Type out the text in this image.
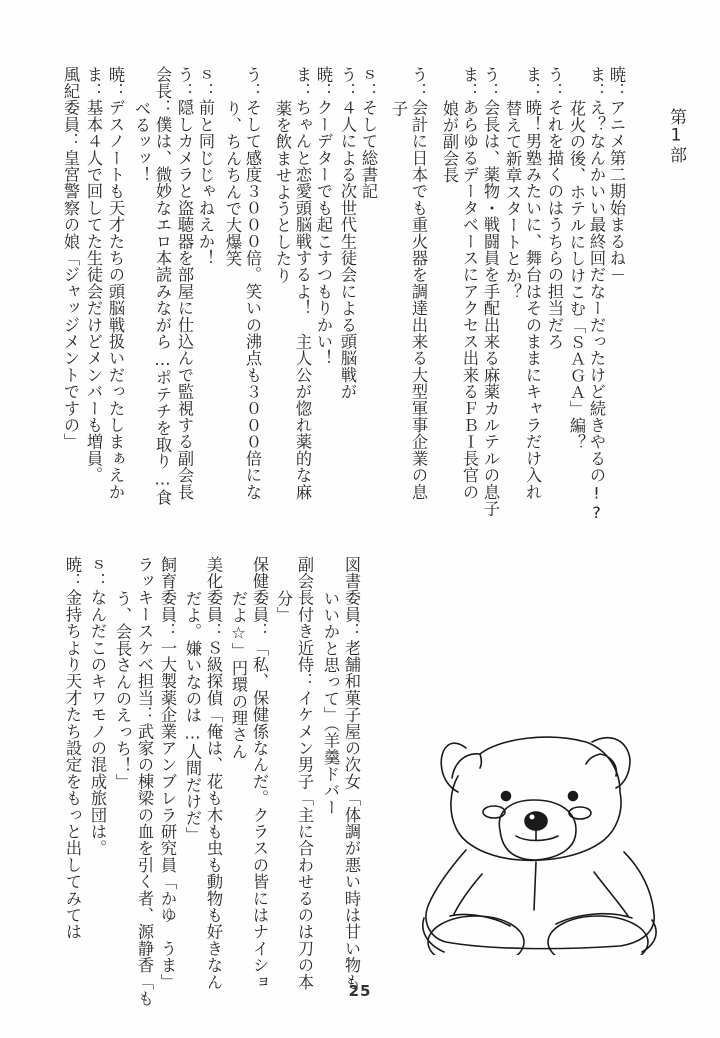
第1部
暁：アニメ第二期始まるね－
ま：え？なんかいい最終回だなーだったけど続きやるの!?
花火の後、ホテルにしけこむ「ＳＡＧＡ」編？
う：それを描くのはうちらの担当だろ
ま：暁！男塾みたいに、舞台はそのままにキャラだけ入れ
替えて新章スタートとか？
う：会長は、薬物・戦闘員を手配出来る麻薬カルテルの息子
ま：あらゆるデータベースにアクセス出来るＦＢＩ長官の
娘が副会長
う：会計に日本でも重火器を調達出来る大型軍事企業の息
子
ｓ：そして総書記
う：４人による次世代生徒会による頭脳戦が
暁：クーデターでも起こすつもりかい！
ま：ちゃんと恋愛頭脳戦するよ！　主人公が惚れ薬的な麻
薬を飲ませようとしたり
う：そして感度３０００倍。笑いの沸点も３０００倍にな
り、ちんちんで大爆笑
ｓ：前と同じじゃねえか！
う：隠しカメラと盗聴器を部屋に仕込んで監視する副会長
会長：僕は、微妙なエロ本読みながら…ポテチを取り…食
べるッッ！
暁：デスノートも天才たちの頭脳戦扱いだったしまぁえか
ま：基本４人で回してた生徒会だけどメンバーも増員。
風紀委員：皇宮警察の娘「ジャッジメントですの」
図書委員：老舗和菓子屋の次女「体調が悪い時は甘い物も
いいかと思って」（羊羹ドバー
副会長付き近侍：イケメン男子「主に合わせるのは刀の本
分」
保健委員：「私、保健係なんだ。クラスの皆にはナイショ
だよ☆」円環の理さん
美化委員：Ｓ級探偵「俺は、花も木も虫も動物も好きなん
だよ。嫌いなのは…人間だけだ」
飼育委員：一大製薬企業アンブレラ研究員「かゆ　うま」
ラッキースケベ担当：武家の棟梁の血を引く者、源静香「も
う、会長さんのえっち！」
ｓ：なんだこのキワモノの混成旅団は。
暁：金持ちより天才たち設定をもっと出してみては
25
